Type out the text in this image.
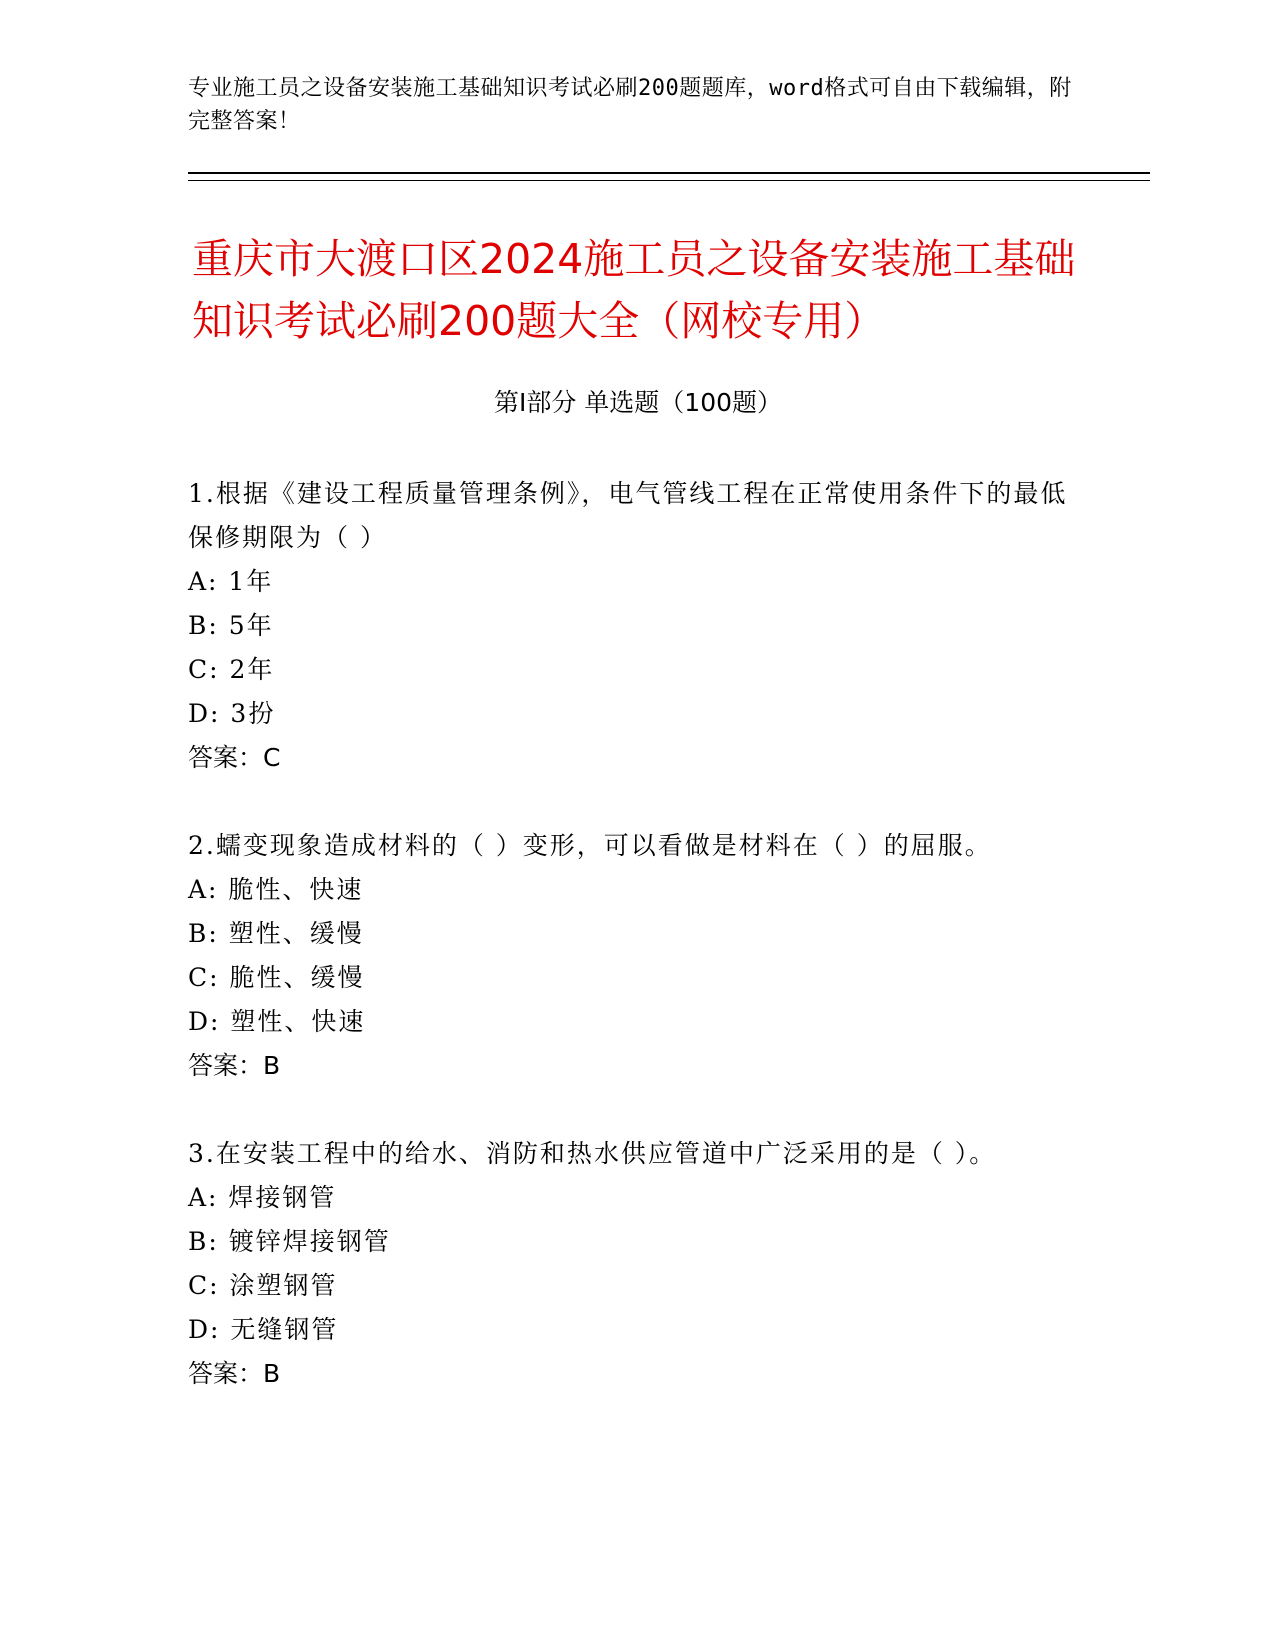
专业施工员之设备安装施工基础知识考试必刷200题题库，word格式可自由下载编辑，附完整答案！
重庆市大渡口区2024施工员之设备安装施工基础知识考试必刷200题大全（网校专用）
第I部分 单选题（100题）
1.根据《建设工程质量管理条例》，电气管线工程在正常使用条件下的最低保修期限为（ ）
A: 1年
B: 5年
C: 2年
D: 3扮
答案：C
2.蠕变现象造成材料的（ ）变形，可以看做是材料在（ ）的屈服。
A: 脆性、快速
B: 塑性、缓慢
C: 脆性、缓慢
D: 塑性、快速
答案：B
3.在安装工程中的给水、消防和热水供应管道中广泛采用的是（ ）。
A: 焊接钢管
B: 镀锌焊接钢管
C: 涂塑钢管
D: 无缝钢管
答案：B
